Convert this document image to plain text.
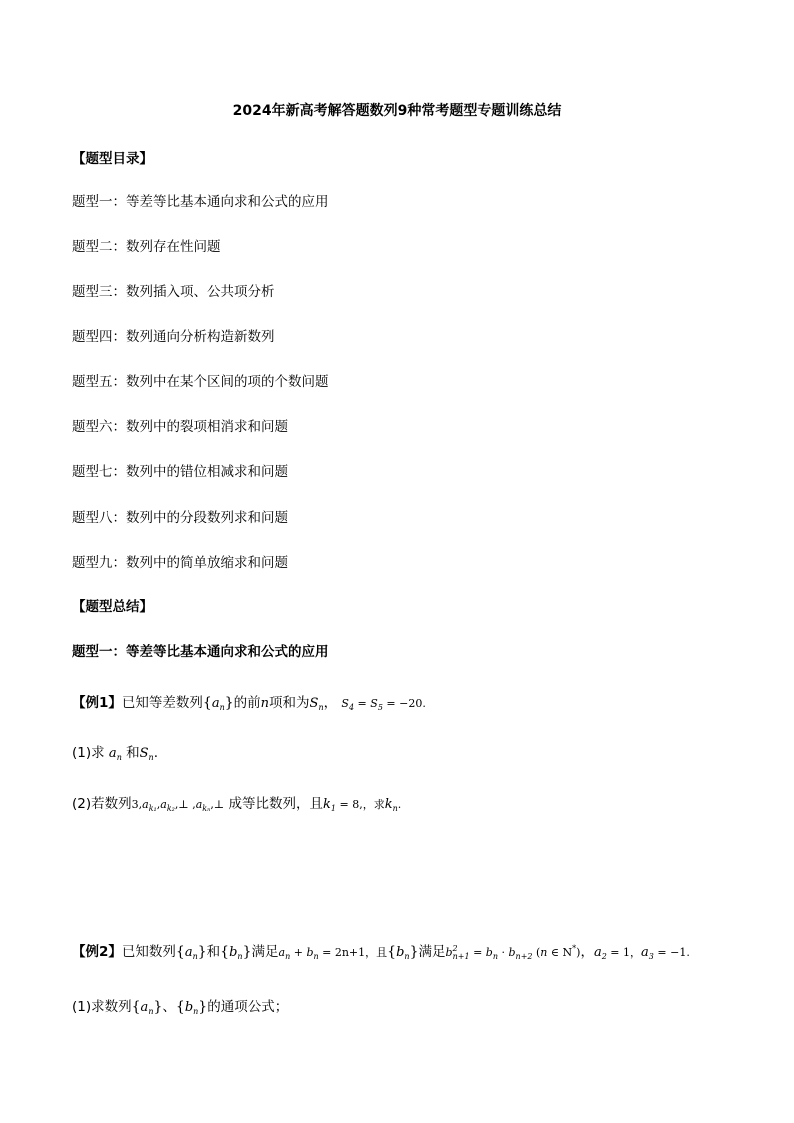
2024年新高考解答题数列9种常考题型专题训练总结
【题型目录】
题型一：等差等比基本通向求和公式的应用
题型二：数列存在性问题
题型三：数列插入项、公共项分析
题型四：数列通向分析构造新数列
题型五：数列中在某个区间的项的个数问题
题型六：数列中的裂项相消求和问题
题型七：数列中的错位相减求和问题
题型八：数列中的分段数列求和问题
题型九：数列中的简单放缩求和问题
【题型总结】
题型一：等差等比基本通向求和公式的应用
【例1】已知等差数列$\{a_n\}$的前n项和为$S_n$， $S_4 = S_5 = -20$.
(1)求 $a_n$ 和$S_n$.
(2)若数列$3,a_{k_1},a_{k_2},\perp$ $,a_{k_n},\perp$ 成等比数列，且$k_1 = 8$,，求$k_n$.
【例2】已知数列$\{a_n\}$和$\{b_n\}$满足$a_n + b_n = 2n+1$，且$\{b_n\}$满足$b^2_{n+1} = b_n \cdot b_{n+2}$ (n ∈ N*)，$a_2 = 1$，$a_3 = -1$.
(1)求数列$\{a_n\}$、$\{b_n\}$的通项公式；
